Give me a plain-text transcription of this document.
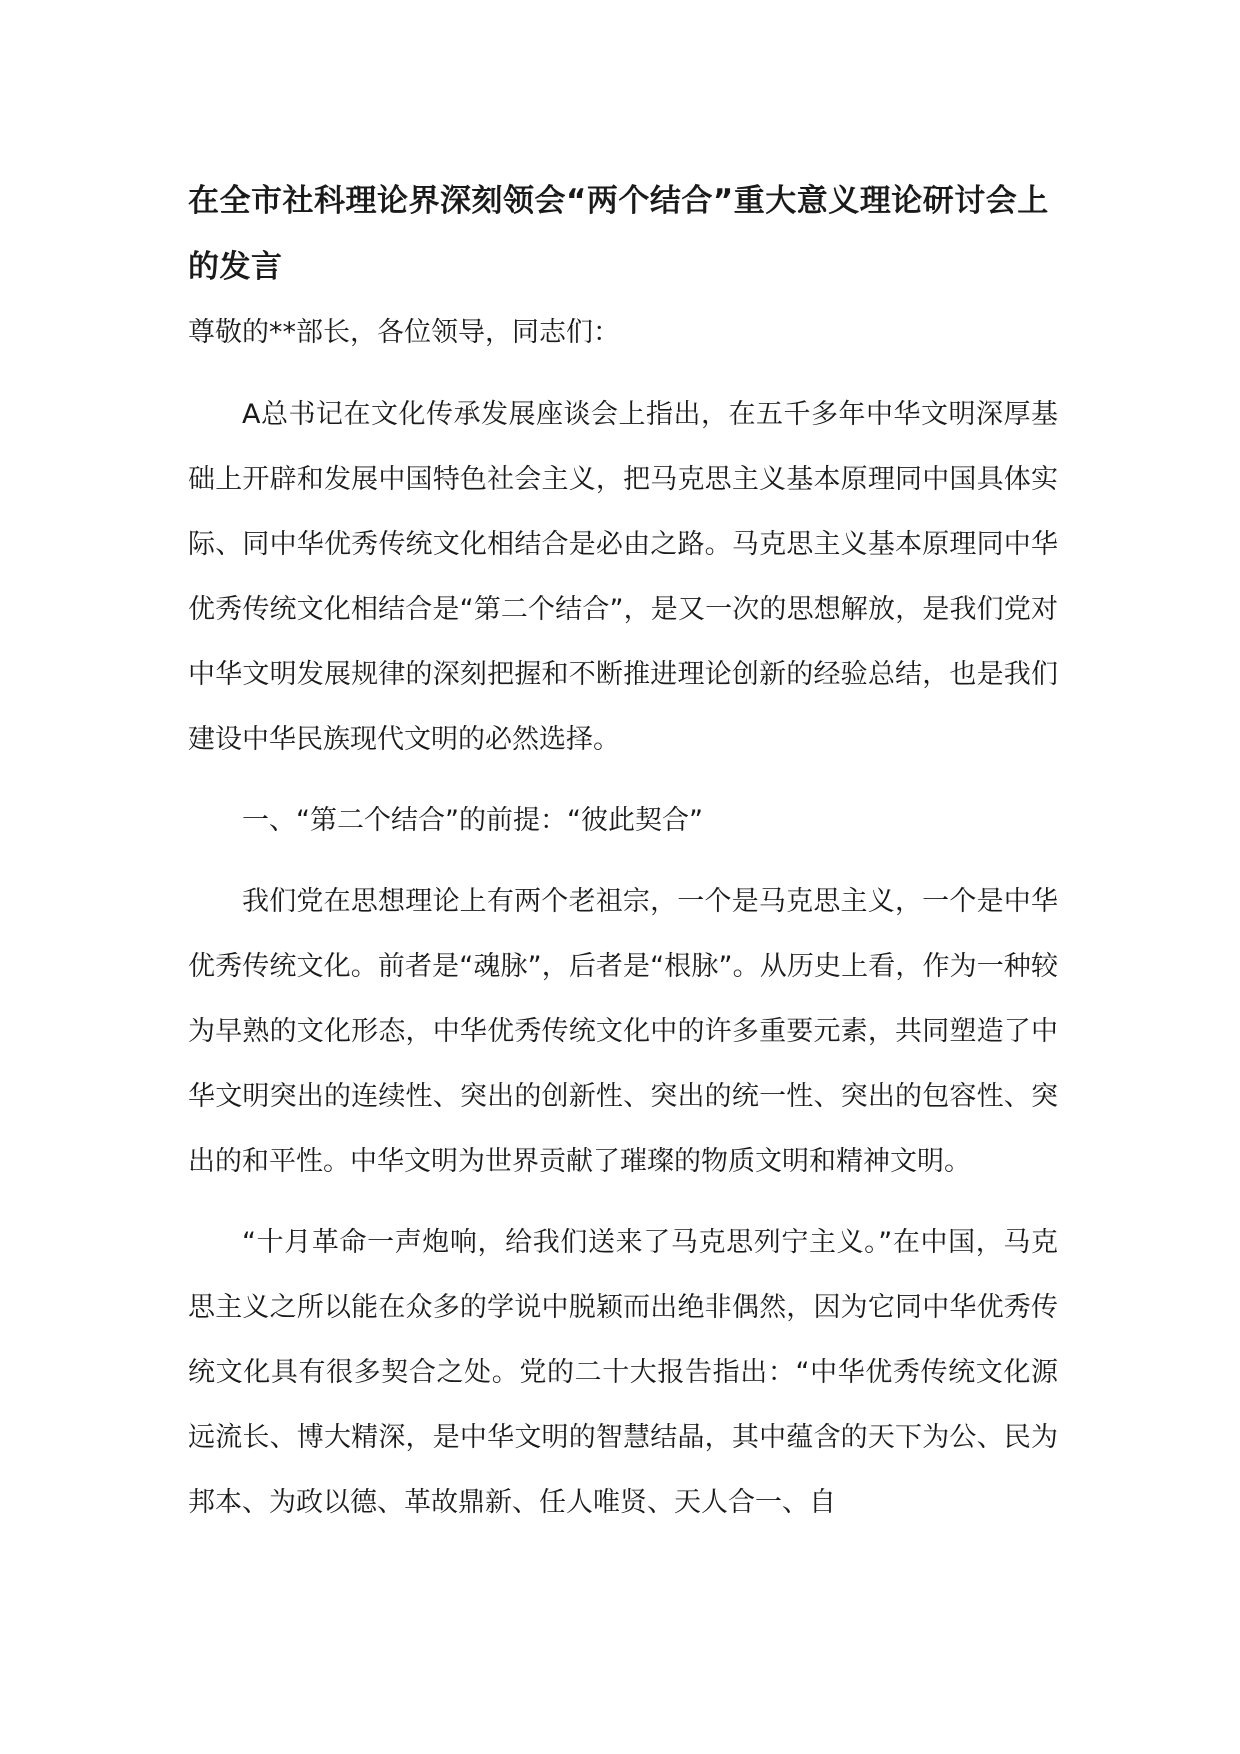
在全市社科理论界深刻领会“两个结合”重大意义理论研讨会上的发言

尊敬的**部长，各位领导，同志们：

A总书记在文化传承发展座谈会上指出，在五千多年中华文明深厚基础上开辟和发展中国特色社会主义，把马克思主义基本原理同中国具体实际、同中华优秀传统文化相结合是必由之路。马克思主义基本原理同中华优秀传统文化相结合是“第二个结合”，是又一次的思想解放，是我们党对中华文明发展规律的深刻把握和不断推进理论创新的经验总结，也是我们建设中华民族现代文明的必然选择。

一、“第二个结合”的前提：“彼此契合”

我们党在思想理论上有两个老祖宗，一个是马克思主义，一个是中华优秀传统文化。前者是“魂脉”，后者是“根脉”。从历史上看，作为一种较为早熟的文化形态，中华优秀传统文化中的许多重要元素，共同塑造了中华文明突出的连续性、突出的创新性、突出的统一性、突出的包容性、突出的和平性。中华文明为世界贡献了璀璨的物质文明和精神文明。

“十月革命一声炮响，给我们送来了马克思列宁主义。”在中国，马克思主义之所以能在众多的学说中脱颖而出绝非偶然，因为它同中华优秀传统文化具有很多契合之处。党的二十大报告指出：“中华优秀传统文化源远流长、博大精深，是中华文明的智慧结晶，其中蕴含的天下为公、民为邦本、为政以德、革故鼎新、任人唯贤、天人合一、自
